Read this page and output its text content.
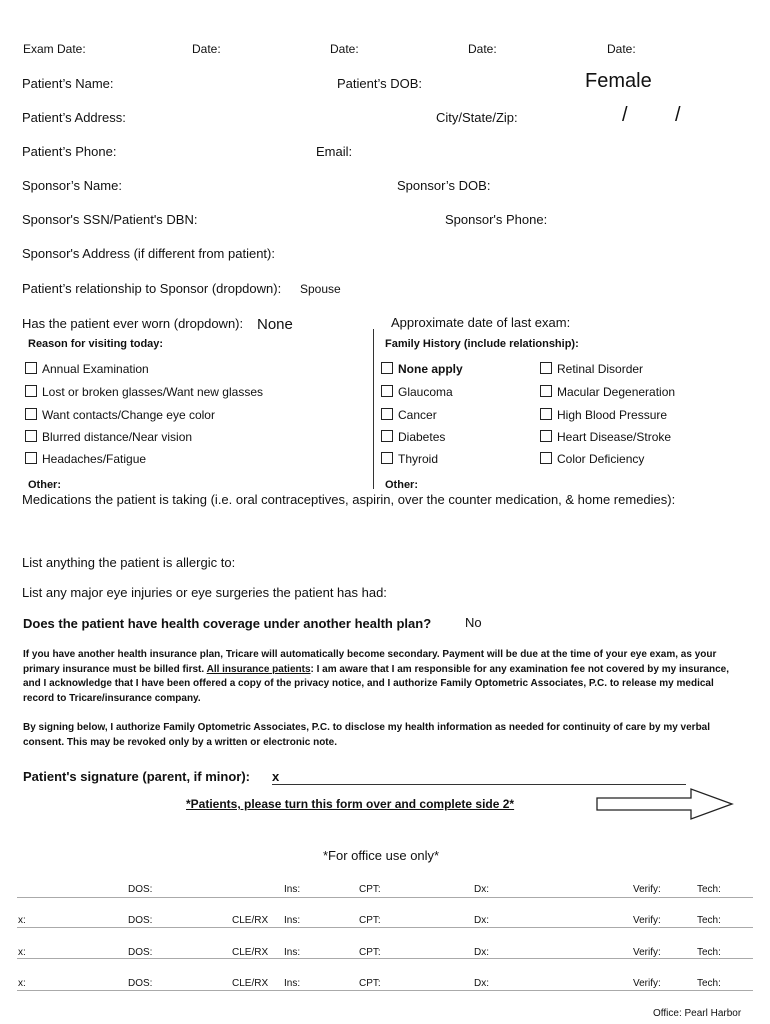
Exam Date:	Date:	Date:	Date:	Date:
Patient’s Name:	Patient’s DOB:	Female
Patient’s Address:	City/State/Zip:	/ /
Patient’s Phone:	Email:
Sponsor’s Name:	Sponsor’s DOB:
Sponsor's SSN/Patient's DBN:	Sponsor's Phone:
Sponsor's Address (if different from patient):
Patient’s relationship to Sponsor (dropdown): Spouse
Has the patient ever worn (dropdown): None	Approximate date of last exam:
Reason for visiting today:
Annual Examination
Lost or broken glasses/Want new glasses
Want contacts/Change eye color
Blurred distance/Near vision
Headaches/Fatigue
Other:
Family History (include relationship):
None apply
Glaucoma
Cancer
Diabetes
Thyroid
Retinal Disorder
Macular Degeneration
High Blood Pressure
Heart Disease/Stroke
Color Deficiency
Other:
Medications the patient is taking (i.e. oral contraceptives, aspirin, over the counter medication, & home remedies):
List anything the patient is allergic to:
List any major eye injuries or eye surgeries the patient has had:
Does the patient have health coverage under another health plan?	No
If you have another health insurance plan, Tricare will automatically become secondary. Payment will be due at the time of your eye exam, as your primary insurance must be billed first. All insurance patients: I am aware that I am responsible for any examination fee not covered by my insurance, and I acknowledge that I have been offered a copy of the privacy notice, and I authorize Family Optometric Associates, P.C. to release my medical record to Tricare/insurance company.
By signing below, I authorize Family Optometric Associates, P.C. to disclose my health information as needed for continuity of care by my verbal consent. This may be revoked only by a written or electronic note.
Patient's signature (parent, if minor): x
*Patients, please turn this form over and complete side 2*
*For office use only*
DOS:	Ins:	CPT:	Dx:	Verify:	Tech:
x:	DOS:	CLE/RX Ins:	CPT:	Dx:	Verify:	Tech:
x:	DOS:	CLE/RX Ins:	CPT:	Dx:	Verify:	Tech:
x:	DOS:	CLE/RX Ins:	CPT:	Dx:	Verify:	Tech:
Office: Pearl Harbor
